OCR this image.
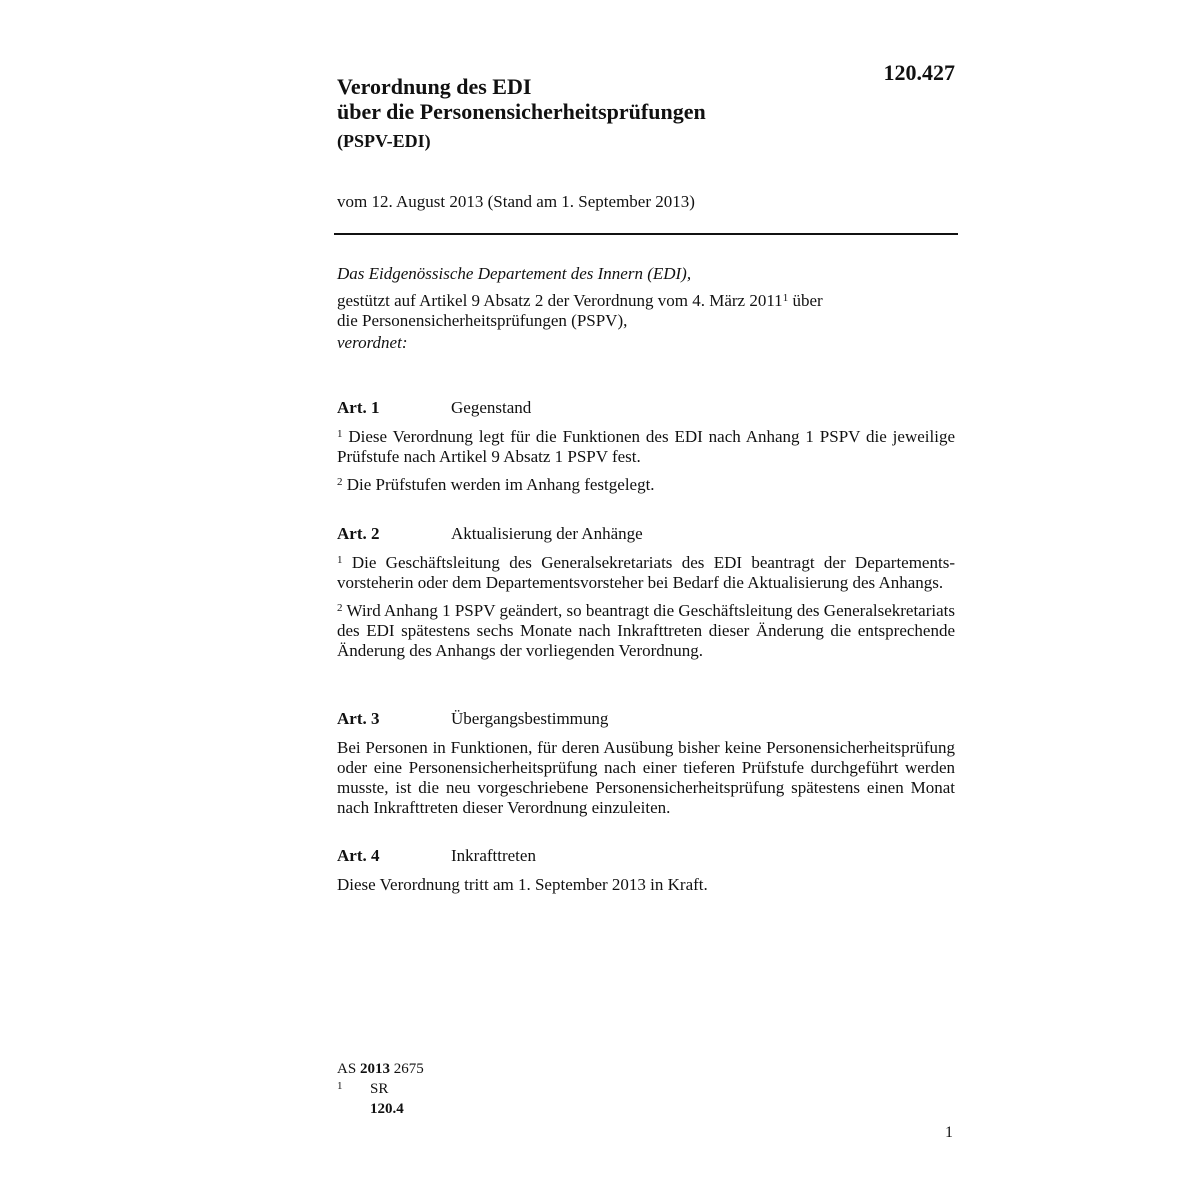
120.427
Verordnung des EDI
über die Personensicherheitsprüfungen
(PSPV-EDI)
vom 12. August 2013 (Stand am 1. September 2013)
Das Eidgenössische Departement des Innern (EDI),
gestützt auf Artikel 9 Absatz 2 der Verordnung vom 4. März 2011$^1$ über
die Personensicherheitsprüfungen (PSPV),
verordnet:
Art. 1	Gegenstand

$^1$ Diese Verordnung legt für die Funktionen des EDI nach Anhang 1 PSPV die jeweilige Prüfstufe nach Artikel 9 Absatz 1 PSPV fest.

$^2$ Die Prüfstufen werden im Anhang festgelegt.

Art. 2	Aktualisierung der Anhänge

$^1$ Die Geschäftsleitung des Generalsekretariats des EDI beantragt der Departementsvorsteherin oder dem Departementsvorsteher bei Bedarf die Aktualisierung des Anhangs.

$^2$ Wird Anhang 1 PSPV geändert, so beantragt die Geschäftsleitung des Generalsekretariats des EDI spätestens sechs Monate nach Inkrafttreten dieser Änderung die entsprechende Änderung des Anhangs der vorliegenden Verordnung.

Art. 3	Übergangsbestimmung

Bei Personen in Funktionen, für deren Ausübung bisher keine Personensicherheitsprüfung oder eine Personensicherheitsprüfung nach einer tieferen Prüfstufe durchgeführt werden musste, ist die neu vorgeschriebene Personensicherheitsprüfung spätestens einen Monat nach Inkrafttreten dieser Verordnung einzuleiten.

Art. 4	Inkrafttreten

Diese Verordnung tritt am 1. September 2013 in Kraft.

AS 2013 2675
1 SR 120.4
1
